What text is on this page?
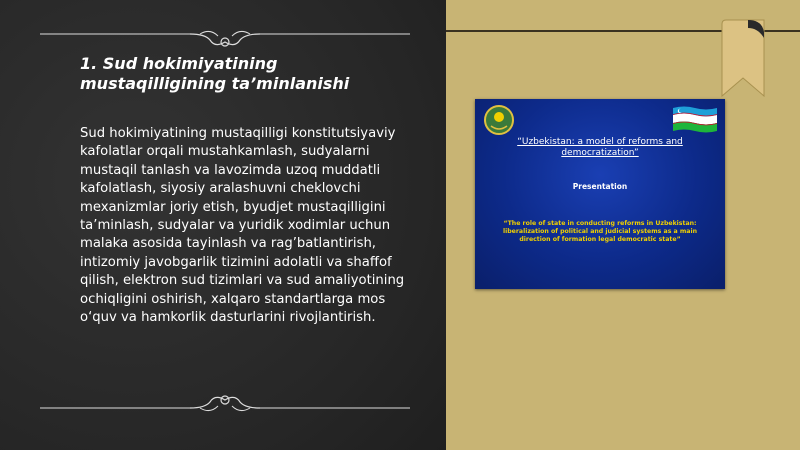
1. Sud hokimiyatining
mustaqilligining ta’minlanishi

Sud hokimiyatining mustaqilligi konstitutsiyaviy kafolatlar orqali mustahkamlash, sudyalarni mustaqil tanlash va lavozimda uzoq muddatli kafolatlash, siyosiy aralashuvni cheklovchi mexanizmlar joriy etish, byudjet mustaqilligini ta’minlash, sudyalar va yuridik xodimlar uchun malaka asosida tayinlash va rag’batlantirish, intizomiy javobgarlik tizimini adolatli va shaffof qilish, elektron sud tizimlari va sud amaliyotining ochiqligini oshirish, xalqaro standartlarga mos o‘quv va hamkorlik dasturlarini rivojlantirish.

“Uzbekistan: a model of reforms and democratization”
Presentation
“The role of state in conducting reforms in Uzbekistan: liberalization of political and judicial systems as a main direction of formation legal democratic state”
